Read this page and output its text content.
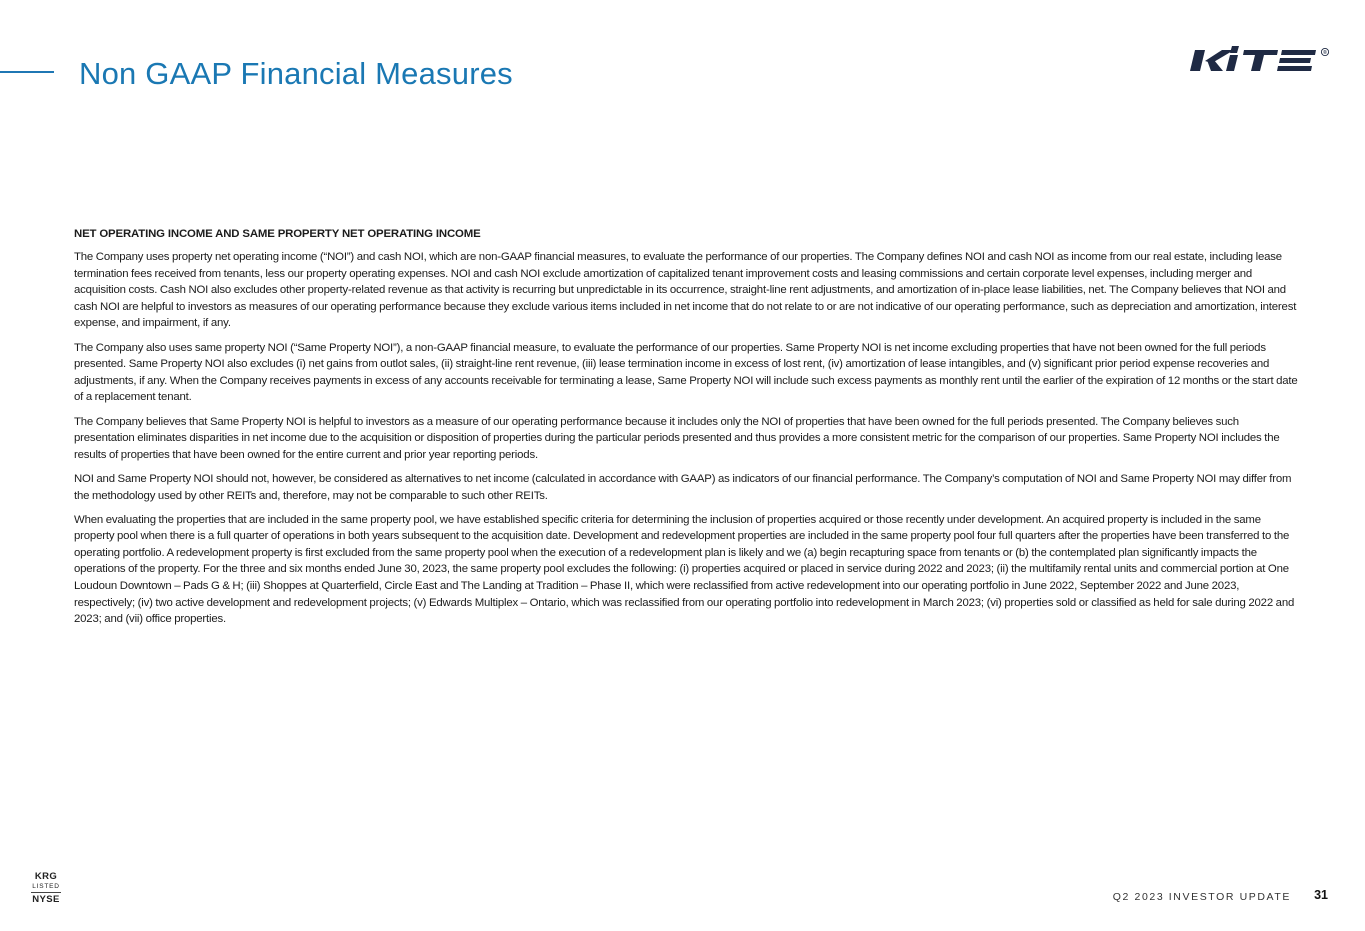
Non GAAP Financial Measures
®

NET OPERATING INCOME AND SAME PROPERTY NET OPERATING INCOME

The Company uses property net operating income (“NOI”) and cash NOI, which are non-GAAP financial measures, to evaluate the performance of our properties. The Company defines NOI and cash NOI as income from our real estate, including lease termination fees received from tenants, less our property operating expenses. NOI and cash NOI exclude amortization of capitalized tenant improvement costs and leasing commissions and certain corporate level expenses, including merger and acquisition costs. Cash NOI also excludes other property-related revenue as that activity is recurring but unpredictable in its occurrence, straight-line rent adjustments, and amortization of in-place lease liabilities, net. The Company believes that NOI and cash NOI are helpful to investors as measures of our operating performance because they exclude various items included in net income that do not relate to or are not indicative of our operating performance, such as depreciation and amortization, interest expense, and impairment, if any.

The Company also uses same property NOI (“Same Property NOI”), a non-GAAP financial measure, to evaluate the performance of our properties. Same Property NOI is net income excluding properties that have not been owned for the full periods presented. Same Property NOI also excludes (i) net gains from outlot sales, (ii) straight-line rent revenue, (iii) lease termination income in excess of lost rent, (iv) amortization of lease intangibles, and (v) significant prior period expense recoveries and adjustments, if any. When the Company receives payments in excess of any accounts receivable for terminating a lease, Same Property NOI will include such excess payments as monthly rent until the earlier of the expiration of 12 months or the start date of a replacement tenant.

The Company believes that Same Property NOI is helpful to investors as a measure of our operating performance because it includes only the NOI of properties that have been owned for the full periods presented. The Company believes such presentation eliminates disparities in net income due to the acquisition or disposition of properties during the particular periods presented and thus provides a more consistent metric for the comparison of our properties. Same Property NOI includes the results of properties that have been owned for the entire current and prior year reporting periods.

NOI and Same Property NOI should not, however, be considered as alternatives to net income (calculated in accordance with GAAP) as indicators of our financial performance. The Company’s computation of NOI and Same Property NOI may differ from the methodology used by other REITs and, therefore, may not be comparable to such other REITs.

When evaluating the properties that are included in the same property pool, we have established specific criteria for determining the inclusion of properties acquired or those recently under development. An acquired property is included in the same property pool when there is a full quarter of operations in both years subsequent to the acquisition date. Development and redevelopment properties are included in the same property pool four full quarters after the properties have been transferred to the operating portfolio. A redevelopment property is first excluded from the same property pool when the execution of a redevelopment plan is likely and we (a) begin recapturing space from tenants or (b) the contemplated plan significantly impacts the operations of the property. For the three and six months ended June 30, 2023, the same property pool excludes the following: (i) properties acquired or placed in service during 2022 and 2023; (ii) the multifamily rental units and commercial portion at One Loudoun Downtown – Pads G & H; (iii) Shoppes at Quarterfield, Circle East and The Landing at Tradition – Phase II, which were reclassified from active redevelopment into our operating portfolio in June 2022, September 2022 and June 2023, respectively; (iv) two active development and redevelopment projects; (v) Edwards Multiplex – Ontario, which was reclassified from our operating portfolio into redevelopment in March 2023; (vi) properties sold or classified as held for sale during 2022 and 2023; and (vii) office properties.

KRG
LISTED
NYSE	Q2 2023 INVESTOR UPDATE 31
